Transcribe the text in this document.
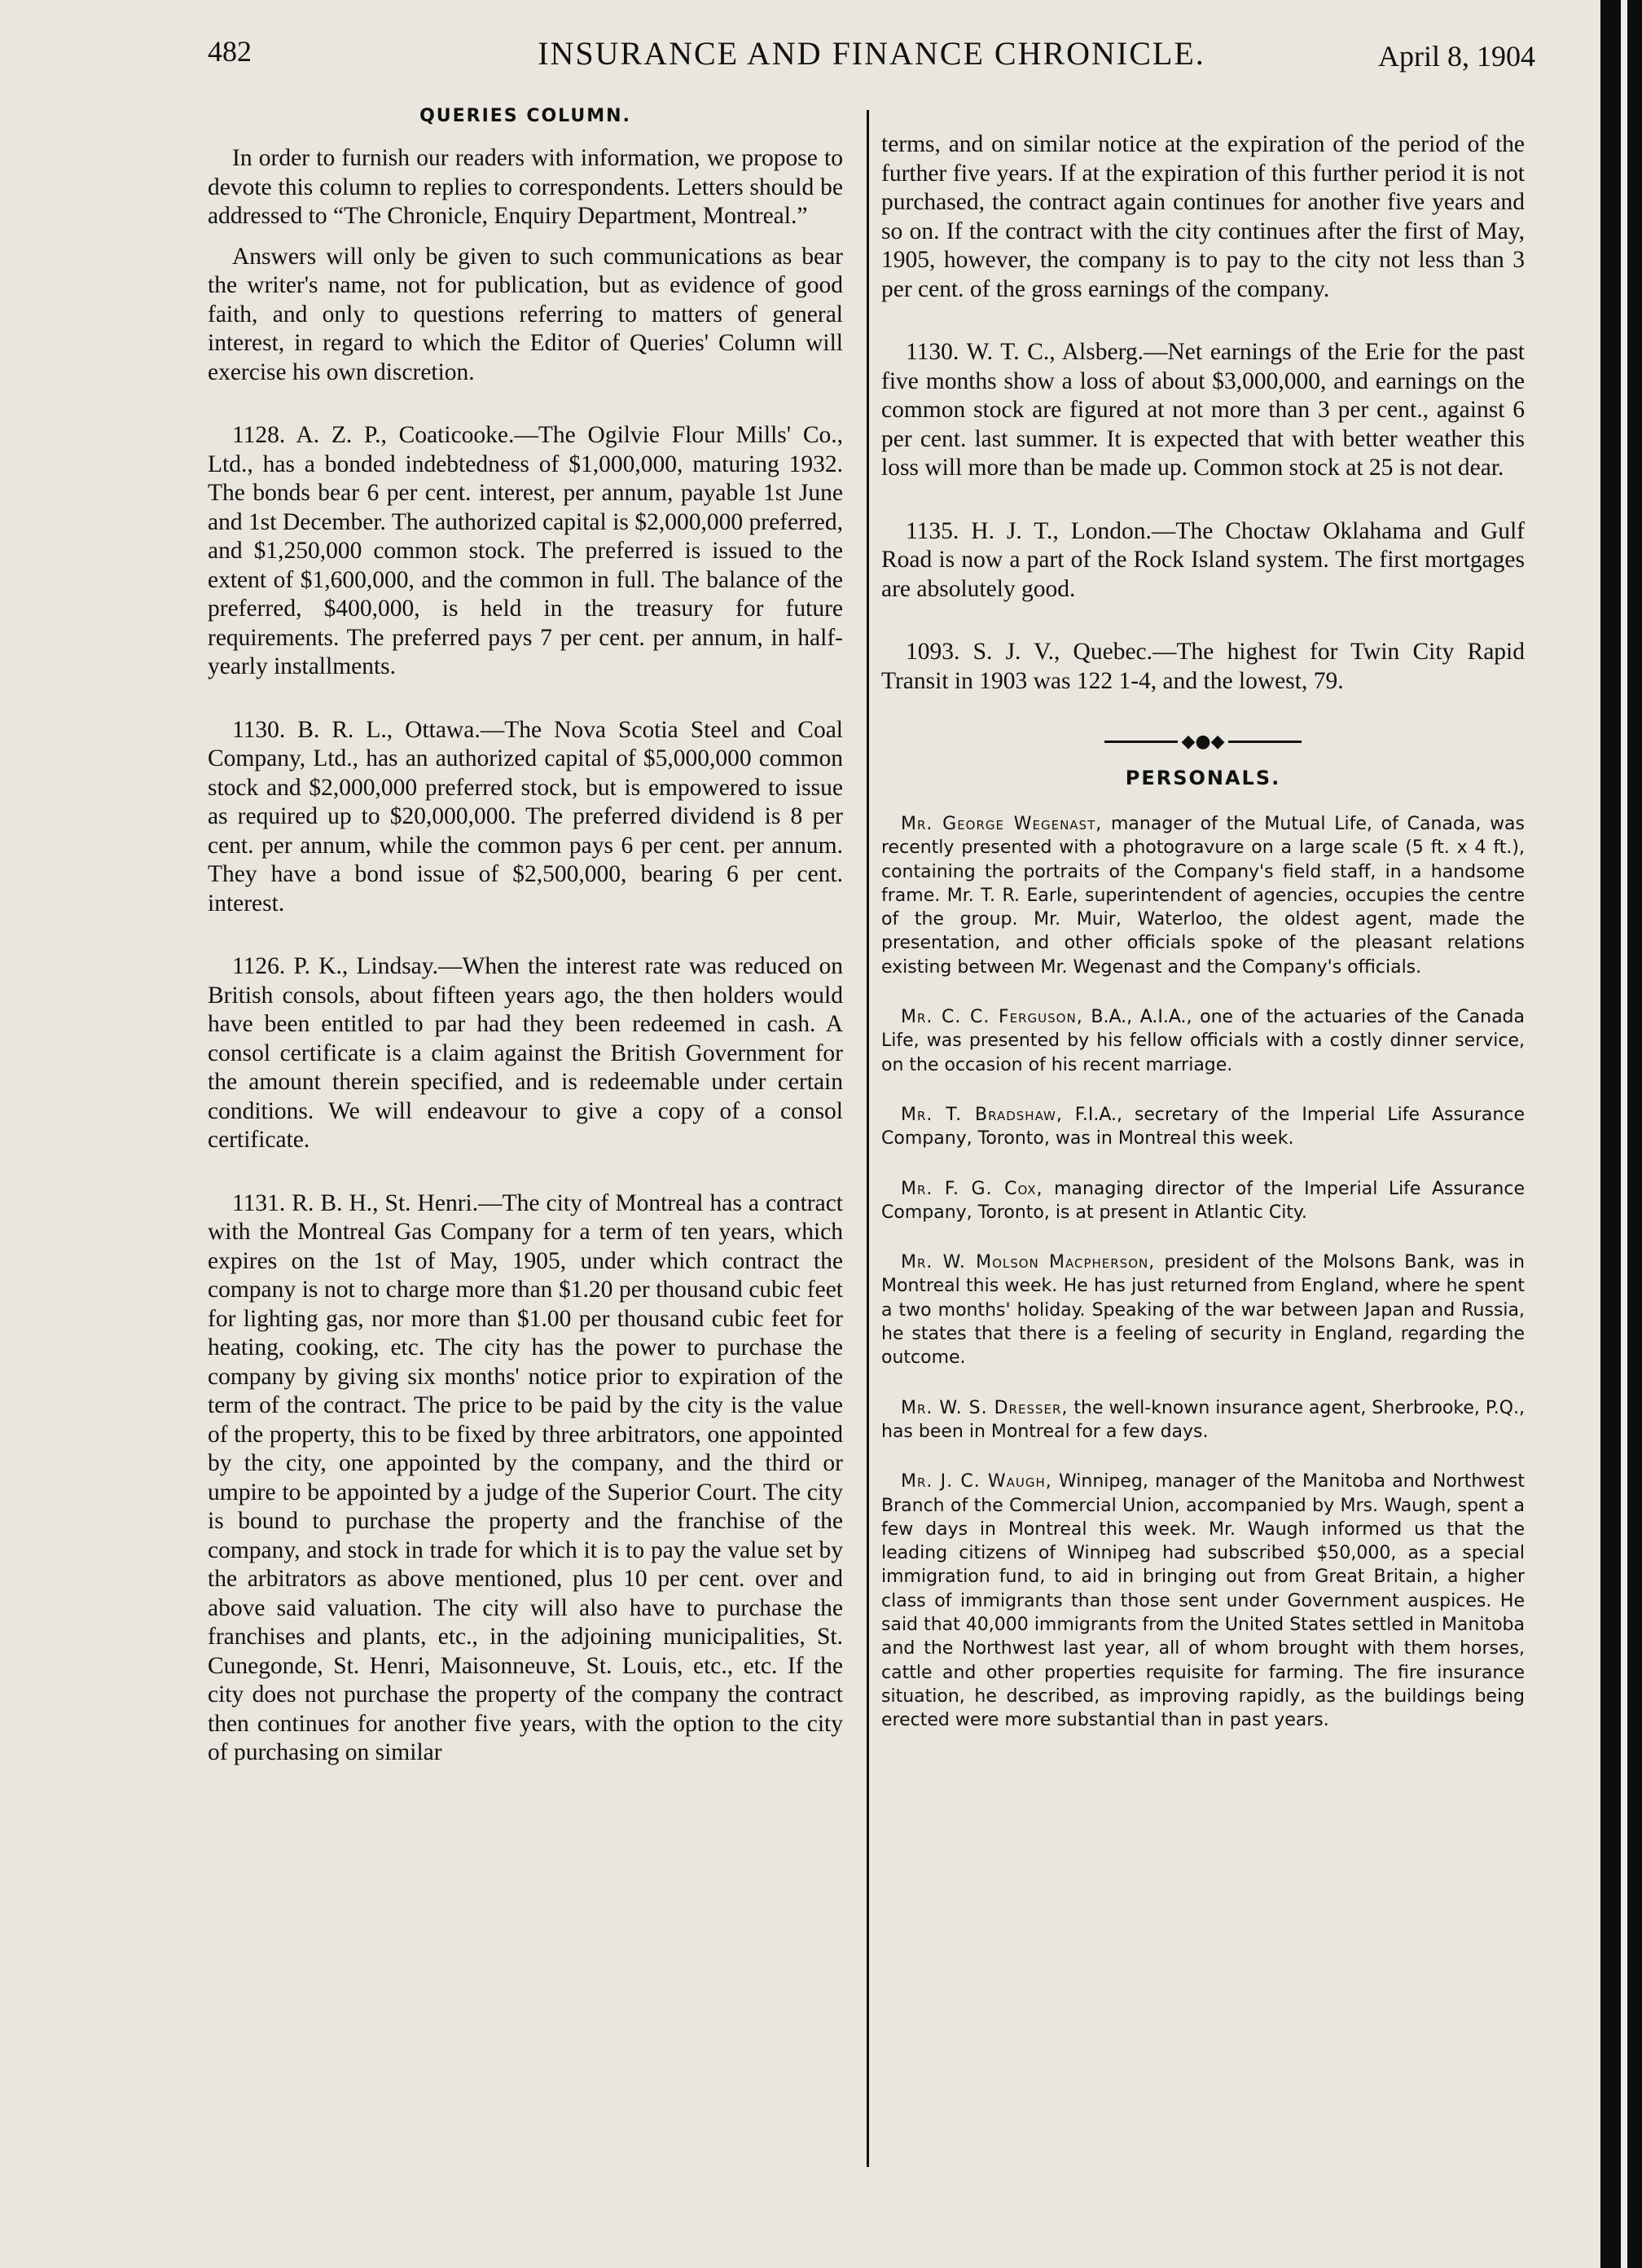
482	INSURANCE AND FINANCE CHRONICLE.	April 8, 1904
QUERIES COLUMN.

In order to furnish our readers with information, we propose to devote this column to replies to correspondents. Letters should be addressed to “The Chronicle, Enquiry Department, Montreal.”

Answers will only be given to such communications as bear the writer's name, not for publication, but as evidence of good faith, and only to questions referring to matters of general interest, in regard to which the Editor of Queries' Column will exercise his own discretion.

1128. A. Z. P., Coaticooke.—The Ogilvie Flour Mills' Co., Ltd., has a bonded indebtedness of $1,000,000, maturing 1932. The bonds bear 6 per cent. interest, per annum, payable 1st June and 1st December. The authorized capital is $2,000,000 preferred, and $1,250,000 common stock. The preferred is issued to the extent of $1,600,000, and the common in full. The balance of the preferred, $400,000, is held in the treasury for future requirements. The preferred pays 7 per cent. per annum, in half-yearly installments.

1130. B. R. L., Ottawa.—The Nova Scotia Steel and Coal Company, Ltd., has an authorized capital of $5,000,000 common stock and $2,000,000 preferred stock, but is empowered to issue as required up to $20,000,000. The preferred dividend is 8 per cent. per annum, while the common pays 6 per cent. per annum. They have a bond issue of $2,500,000, bearing 6 per cent. interest.

1126. P. K., Lindsay.—When the interest rate was reduced on British consols, about fifteen years ago, the then holders would have been entitled to par had they been redeemed in cash. A consol certificate is a claim against the British Government for the amount therein specified, and is redeemable under certain conditions. We will endeavour to give a copy of a consol certificate.

1131. R. B. H., St. Henri.—The city of Montreal has a contract with the Montreal Gas Company for a term of ten years, which expires on the 1st of May, 1905, under which contract the company is not to charge more than $1.20 per thousand cubic feet for lighting gas, nor more than $1.00 per thousand cubic feet for heating, cooking, etc. The city has the power to purchase the company by giving six months' notice prior to expiration of the term of the contract. The price to be paid by the city is the value of the property, this to be fixed by three arbitrators, one appointed by the city, one appointed by the company, and the third or umpire to be appointed by a judge of the Superior Court. The city is bound to purchase the property and the franchise of the company, and stock in trade for which it is to pay the value set by the arbitrators as above mentioned, plus 10 per cent. over and above said valuation. The city will also have to purchase the franchises and plants, etc., in the adjoining municipalities, St. Cunegonde, St. Henri, Maisonneuve, St. Louis, etc., etc. If the city does not purchase the property of the company the contract then continues for another five years, with the option to the city of purchasing on similar

terms, and on similar notice at the expiration of the period of the further five years. If at the expiration of this further period it is not purchased, the contract again continues for another five years and so on. If the contract with the city continues after the first of May, 1905, however, the company is to pay to the city not less than 3 per cent. of the gross earnings of the company.

1130. W. T. C., Alsberg.—Net earnings of the Erie for the past five months show a loss of about $3,000,000, and earnings on the common stock are figured at not more than 3 per cent., against 6 per cent. last summer. It is expected that with better weather this loss will more than be made up. Common stock at 25 is not dear.

1135. H. J. T., London.—The Choctaw Oklahama and Gulf Road is now a part of the Rock Island system. The first mortgages are absolutely good.

1093. S. J. V., Quebec.—The highest for Twin City Rapid Transit in 1903 was 122 1-4, and the lowest, 79.

◆●◆
PERSONALS.

Mr. George Wegenast, manager of the Mutual Life, of Canada, was recently presented with a photogravure on a large scale (5 ft. x 4 ft.), containing the portraits of the Company's field staff, in a handsome frame. Mr. T. R. Earle, superintendent of agencies, occupies the centre of the group. Mr. Muir, Waterloo, the oldest agent, made the presentation, and other officials spoke of the pleasant relations existing between Mr. Wegenast and the Company's officials.

Mr. C. C. Ferguson, B.A., A.I.A., one of the actuaries of the Canada Life, was presented by his fellow officials with a costly dinner service, on the occasion of his recent marriage.

Mr. T. Bradshaw, F.I.A., secretary of the Imperial Life Assurance Company, Toronto, was in Montreal this week.

Mr. F. G. Cox, managing director of the Imperial Life Assurance Company, Toronto, is at present in Atlantic City.

Mr. W. Molson Macpherson, president of the Molsons Bank, was in Montreal this week. He has just returned from England, where he spent a two months' holiday. Speaking of the war between Japan and Russia, he states that there is a feeling of security in England, regarding the outcome.

Mr. W. S. Dresser, the well-known insurance agent, Sherbrooke, P.Q., has been in Montreal for a few days.

Mr. J. C. Waugh, Winnipeg, manager of the Manitoba and Northwest Branch of the Commercial Union, accompanied by Mrs. Waugh, spent a few days in Montreal this week. Mr. Waugh informed us that the leading citizens of Winnipeg had subscribed $50,000, as a special immigration fund, to aid in bringing out from Great Britain, a higher class of immigrants than those sent under Government auspices. He said that 40,000 immigrants from the United States settled in Manitoba and the Northwest last year, all of whom brought with them horses, cattle and other properties requisite for farming. The fire insurance situation, he described, as improving rapidly, as the buildings being erected were more substantial than in past years.
